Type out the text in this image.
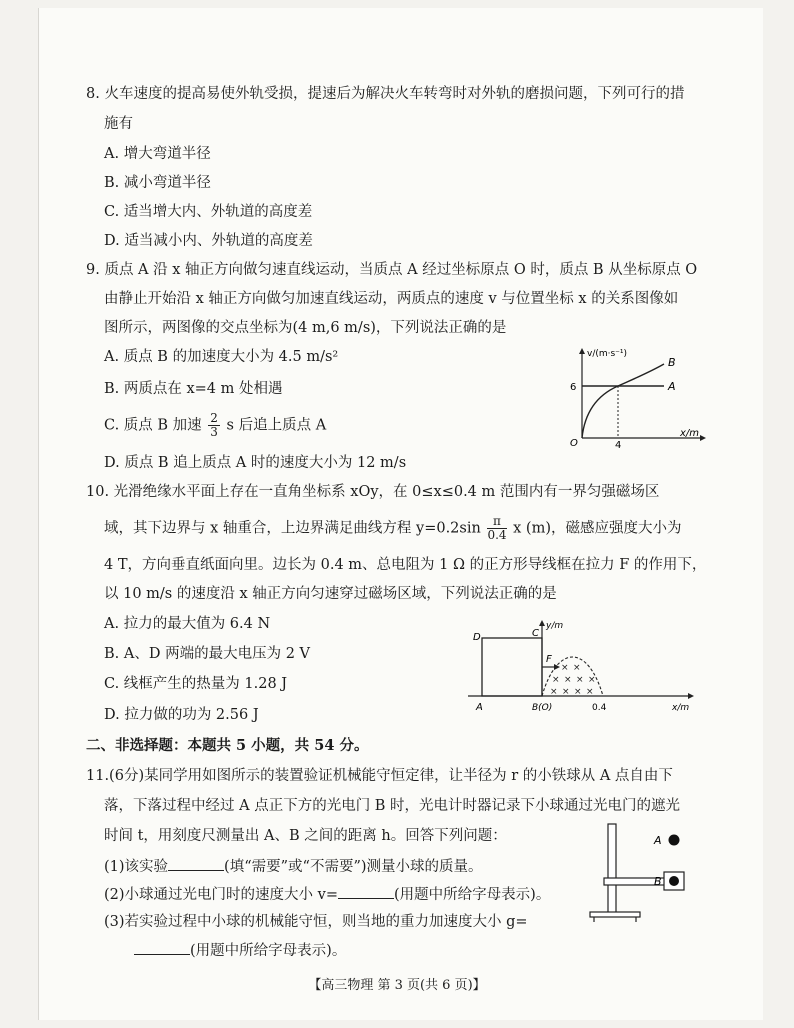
8. 火车速度的提高易使外轨受损，提速后为解决火车转弯时对外轨的磨损问题，下列可行的措
施有
A. 增大弯道半径
B. 减小弯道半径
C. 适当增大内、外轨道的高度差
D. 适当减小内、外轨道的高度差
9. 质点 A 沿 x 轴正方向做匀速直线运动，当质点 A 经过坐标原点 O 时，质点 B 从坐标原点 O
由静止开始沿 x 轴正方向做匀加速直线运动，两质点的速度 v 与位置坐标 x 的关系图像如
图所示，两图像的交点坐标为(4 m,6 m/s)，下列说法正确的是
A. 质点 B 的加速度大小为 4.5 m/s²
B. 两质点在 x=4 m 处相遇
C. 质点 B 加速 $\frac{2}{3}$ s 后追上质点 A
D. 质点 B 追上质点 A 时的速度大小为 12 m/s
v/(m·s⁻¹)
x/m
O
6
4
A
B
10. 光滑绝缘水平面上存在一直角坐标系 xOy，在 0≤x≤0.4 m 范围内有一界匀强磁场区
域，其下边界与 x 轴重合，上边界满足曲线方程 $y=0.2\sin \frac{\pi}{0.4}$ x (m)，磁感应强度大小为
4 T，方向垂直纸面向里。边长为 0.4 m、总电阻为 1 Ω 的正方形导线框在拉力 F 的作用下，
以 10 m/s 的速度沿 x 轴正方向匀速穿过磁场区域，下列说法正确的是
A. 拉力的最大值为 6.4 N
B. A、D 两端的最大电压为 2 V
C. 线框产生的热量为 1.28 J
D. 拉力做的功为 2.56 J
y/m
x/m
D	C
A	B(O)
F
× ×
× × × ×
× × × ×
0.4
二、非选择题：本题共 5 小题，共 54 分。
11.(6分)某同学用如图所示的装置验证机械能守恒定律，让半径为 r 的小铁球从 A 点自由下
落，下落过程中经过 A 点正下方的光电门 B 时，光电计时器记录下小球通过光电门的遮光
时间 t，用刻度尺测量出 A、B 之间的距离 h。回答下列问题：
(1)该实验	(填“需要”或“不需要”)测量小球的质量。
(2)小球通过光电门时的速度大小 v=	(用题中所给字母表示)。
(3)若实验过程中小球的机械能守恒，则当地的重力加速度大小 g=
(用题中所给字母表示)。
A
B
【高三物理 第 3 页(共 6 页)】
